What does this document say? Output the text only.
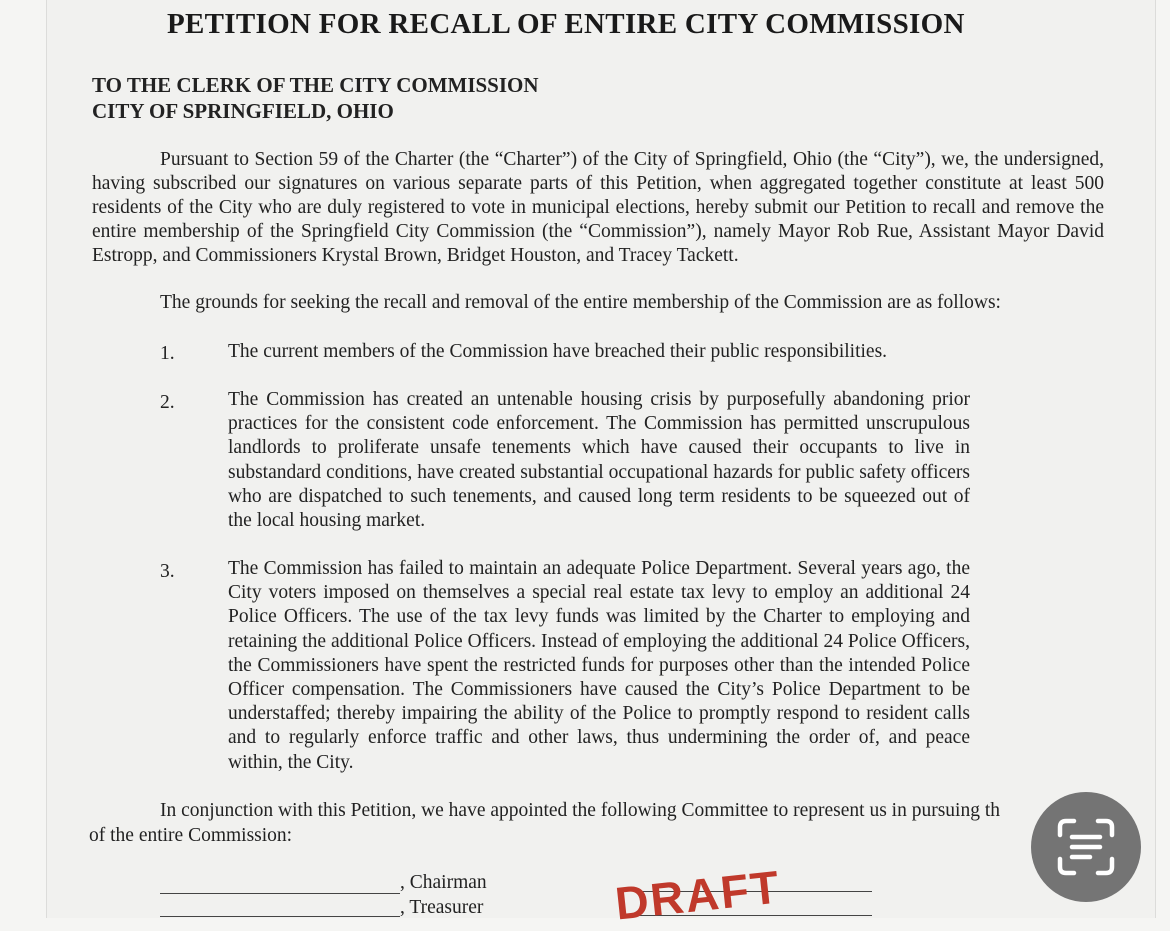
PETITION FOR RECALL OF ENTIRE CITY COMMISSION
TO THE CLERK OF THE CITY COMMISSION
CITY OF SPRINGFIELD, OHIO
Pursuant to Section 59 of the Charter (the “Charter”) of the City of Springfield, Ohio (the “City”), we, the undersigned, having subscribed our signatures on various separate parts of this Petition, when aggregated together constitute at least 500 residents of the City who are duly registered to vote in municipal elections, hereby submit our Petition to recall and remove the entire membership of the Springfield City Commission (the “Commission”), namely Mayor Rob Rue, Assistant Mayor David Estropp, and Commissioners Krystal Brown, Bridget Houston, and Tracey Tackett.
The grounds for seeking the recall and removal of the entire membership of the Commission are as follows:
1.	The current members of the Commission have breached their public responsibilities.
2.	The Commission has created an untenable housing crisis by purposefully abandoning prior practices for the consistent code enforcement. The Commission has permitted unscrupulous landlords to proliferate unsafe tenements which have caused their occupants to live in substandard conditions, have created substantial occupational hazards for public safety officers who are dispatched to such tenements, and caused long term residents to be squeezed out of the local housing market.
3.	The Commission has failed to maintain an adequate Police Department. Several years ago, the City voters imposed on themselves a special real estate tax levy to employ an additional 24 Police Officers. The use of the tax levy funds was limited by the Charter to employing and retaining the additional Police Officers. Instead of employing the additional 24 Police Officers, the Commissioners have spent the restricted funds for purposes other than the intended Police Officer compensation. The Commissioners have caused the City’s Police Department to be understaffed; thereby impairing the ability of the Police to promptly respond to resident calls and to regularly enforce traffic and other laws, thus undermining the order of, and peace within, the City.
In conjunction with this Petition, we have appointed the following Committee to represent us in pursuing th
of the entire Commission:
, Chairman
, Treasurer	DRAFT
